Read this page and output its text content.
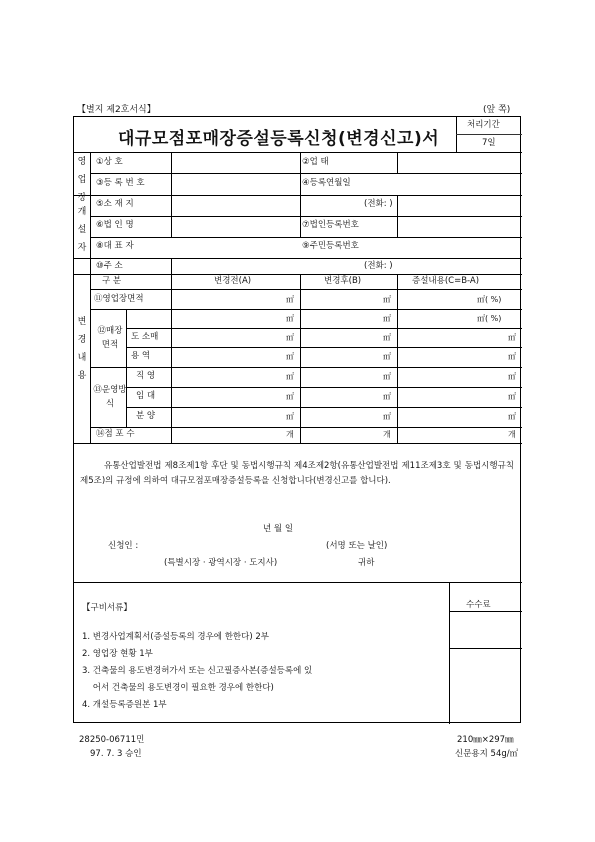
【별지 제2호서식】	(앞 쪽)
대규모점포매장증설등록신청(변경신고)서
처리기간
7일
영업장
개설자
①상 호	②업 태
③등 록 번 호	④등록연월일
⑤소 재 지	(전화: )
⑥법 인 명	⑦법인등록번호
⑧대 표 자	⑨주민등록번호
⑩주 소	(전화: )
변경내용
구 분	변경전(A)	변경후(B)	증설내용(C=B-A)
⑪영업장면적	㎡	㎡	㎡( %)
⑫매장
면적
㎡	㎡	㎡( %)
도 소매	㎡	㎡	㎡
용 역	㎡	㎡	㎡
⑬운영방
식
직 영	㎡	㎡	㎡
임 대	㎡	㎡	㎡
분 양	㎡	㎡	㎡
⑭점 포 수	개	개	개
유통산업발전법 제8조제1항 후단 및 동법시행규칙 제4조제2항(유통산업발전법 제11조제3호 및 동법시행규칙 제5조)의 규정에 의하여 대규모점포매장증설등록을 신청합니다(변경신고를 합니다).
년 월 일
신청인 :	(서명 또는 날인)
(특별시장 · 광역시장 · 도지사)	귀하
수수료
【구비서류】
1. 변경사업계획서(증설등록의 경우에 한한다) 2부
2. 영업장 현황 1부
3. 건축물의 용도변경허가서 또는 신고필증사본(증설등록에 있
어서 건축물의 용도변경이 필요한 경우에 한한다)
4. 개설등록증원본 1부
28250-06711민
97. 7. 3 승인
210㎜×297㎜
신문용지 54g/㎡
